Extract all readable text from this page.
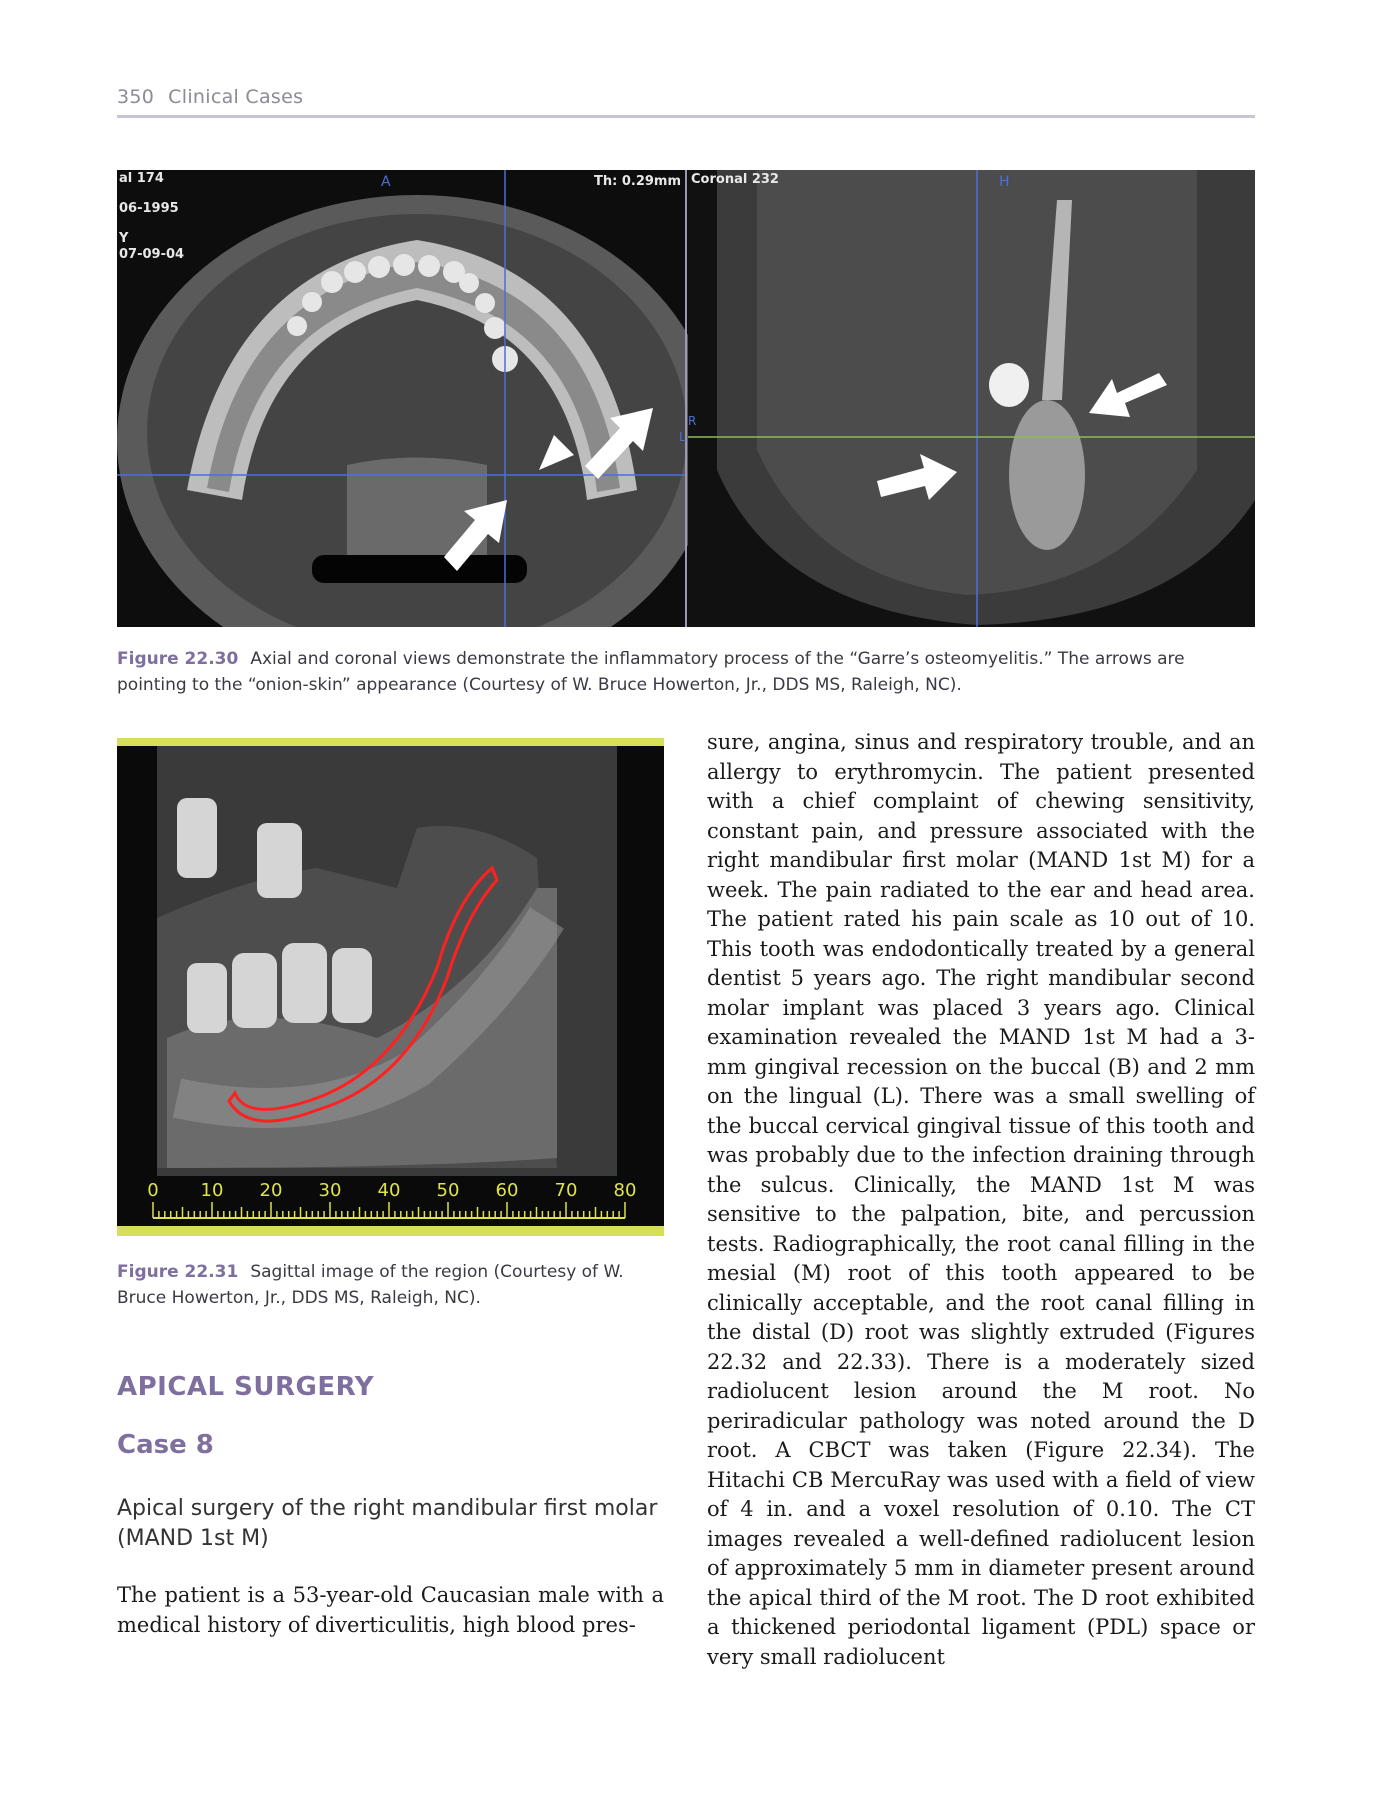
350 Clinical Cases
al 174
06-1995
Y
07-09-04
A	Th: 0.29mm Coronal 232	H
R
L
Figure 22.30 Axial and coronal views demonstrate the inflammatory process of the “Garre’s osteomyelitis.” The arrows are pointing to the “onion-skin” appearance (Courtesy of W. Bruce Howerton, Jr., DDS MS, Raleigh, NC).
0 10 20 30 40 50 60 70 80
Figure 22.31 Sagittal image of the region (Courtesy of W. Bruce Howerton, Jr., DDS MS, Raleigh, NC).
APICAL SURGERY
Case 8
Apical surgery of the right mandibular first molar (MAND 1st M)
The patient is a 53-year-old Caucasian male with a medical history of diverticulitis, high blood pres-
sure, angina, sinus and respiratory trouble, and an allergy to erythromycin. The patient presented with a chief complaint of chewing sensitivity, constant pain, and pressure associated with the right mandibular first molar (MAND 1st M) for a week. The pain radiated to the ear and head area. The patient rated his pain scale as 10 out of 10. This tooth was endodontically treated by a general dentist 5 years ago. The right mandibular second molar implant was placed 3 years ago. Clinical examination revealed the MAND 1st M had a 3-mm gingival recession on the buccal (B) and 2 mm on the lingual (L). There was a small swelling of the buccal cervical gingival tissue of this tooth and was probably due to the infection draining through the sulcus. Clinically, the MAND 1st M was sensitive to the palpation, bite, and percussion tests. Radiographically, the root canal filling in the mesial (M) root of this tooth appeared to be clinically acceptable, and the root canal filling in the distal (D) root was slightly extruded (Figures 22.32 and 22.33). There is a moderately sized radiolucent lesion around the M root. No periradicular pathology was noted around the D root. A CBCT was taken (Figure 22.34). The Hitachi CB MercuRay was used with a field of view of 4 in. and a voxel resolution of 0.10. The CT images revealed a well-defined radiolucent lesion of approximately 5 mm in diameter present around the apical third of the M root. The D root exhibited a thickened periodontal ligament (PDL) space or very small radiolucent
